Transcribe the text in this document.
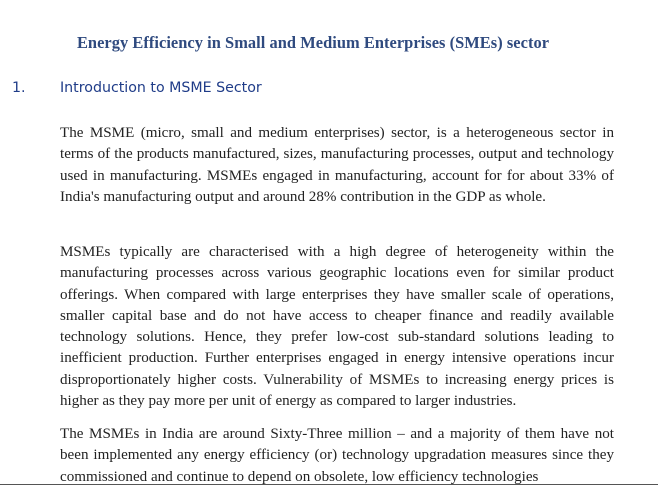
Energy Efficiency in Small and Medium Enterprises (SMEs) sector
1. Introduction to MSME Sector

The MSME (micro, small and medium enterprises) sector, is a heterogeneous sector in terms of the products manufactured, sizes, manufacturing processes, output and technology used in manufacturing. MSMEs engaged in manufacturing, account for for about 33% of India's manufacturing output and around 28% contribution in the GDP as whole.

MSMEs typically are characterised with a high degree of heterogeneity within the manufacturing processes across various geographic locations even for similar product offerings. When compared with large enterprises they have smaller scale of operations, smaller capital base and do not have access to cheaper finance and readily available technology solutions. Hence, they prefer low-cost sub-standard solutions leading to inefficient production. Further enterprises engaged in energy intensive operations incur disproportionately higher costs. Vulnerability of MSMEs to increasing energy prices is higher as they pay more per unit of energy as compared to larger industries.

The MSMEs in India are around Sixty-Three million – and a majority of them have not been implemented any energy efficiency (or) technology upgradation measures since they commissioned and continue to depend on obsolete, low efficiency technologies
